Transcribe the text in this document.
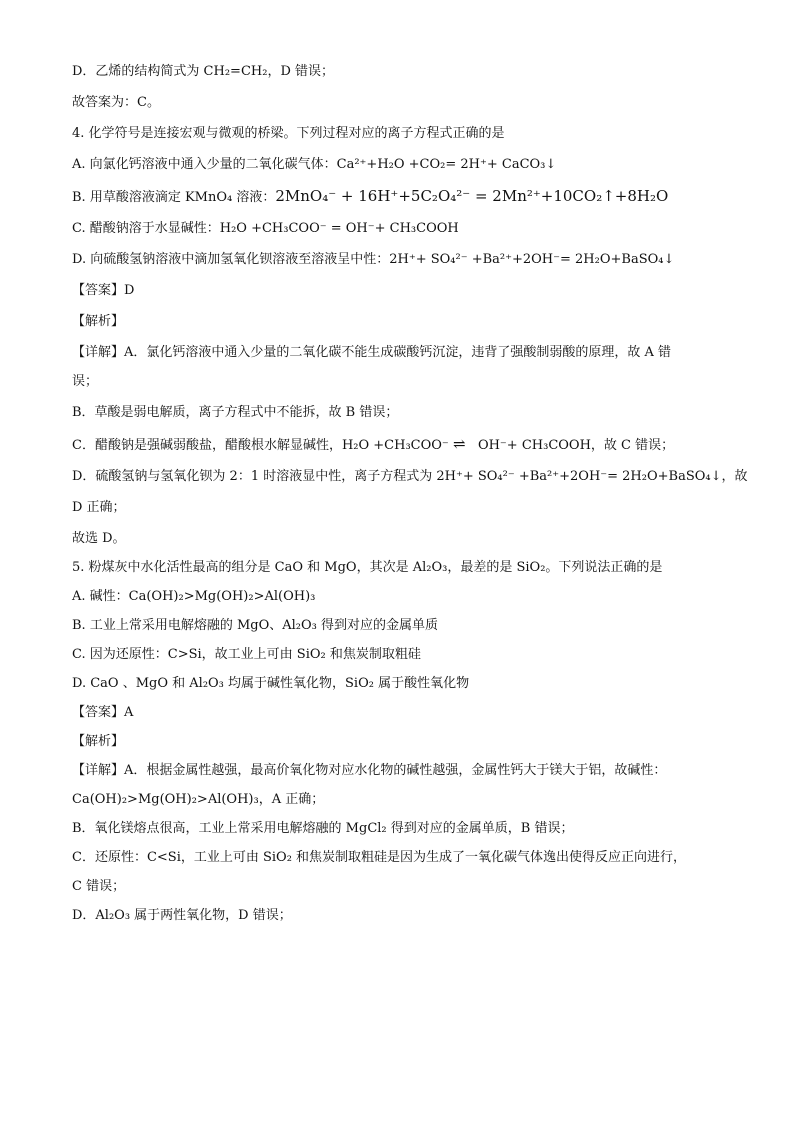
D．乙烯的结构简式为 CH₂=CH₂，D 错误；

故答案为：C。

4. 化学符号是连接宏观与微观的桥梁。下列过程对应的离子方程式正确的是

A. 向氯化钙溶液中通入少量的二氧化碳气体：Ca²⁺+H₂O +CO₂= 2H⁺+ CaCO₃↓

B. 用草酸溶液滴定 KMnO₄ 溶液：2MnO₄⁻ + 16H⁺+5C₂O₄²⁻ = 2Mn²⁺+10CO₂↑+8H₂O

C. 醋酸钠溶于水显碱性：H₂O +CH₃COO⁻ = OH⁻+ CH₃COOH

D. 向硫酸氢钠溶液中滴加氢氧化钡溶液至溶液呈中性：2H⁺+ SO₄²⁻ +Ba²⁺+2OH⁻= 2H₂O+BaSO₄↓

【答案】D

【解析】

【详解】A．氯化钙溶液中通入少量的二氧化碳不能生成碳酸钙沉淀，违背了强酸制弱酸的原理，故 A 错

误；

B．草酸是弱电解质，离子方程式中不能拆，故 B 错误；

C．醋酸钠是强碱弱酸盐，醋酸根水解显碱性，H₂O +CH₃COO⁻ ⇌ OH⁻+ CH₃COOH，故 C 错误；

D．硫酸氢钠与氢氧化钡为 2：1 时溶液显中性，离子方程式为 2H⁺+ SO₄²⁻ +Ba²⁺+2OH⁻= 2H₂O+BaSO₄↓，故

D 正确；

故选 D。

5. 粉煤灰中水化活性最高的组分是 CaO 和 MgO，其次是 Al₂O₃，最差的是 SiO₂。下列说法正确的是

A. 碱性：Ca(OH)₂>Mg(OH)₂>Al(OH)₃

B. 工业上常采用电解熔融的 MgO、Al₂O₃ 得到对应的金属单质

C. 因为还原性：C>Si，故工业上可由 SiO₂ 和焦炭制取粗硅

D. CaO 、MgO 和 Al₂O₃ 均属于碱性氧化物，SiO₂ 属于酸性氧化物

【答案】A

【解析】

【详解】A．根据金属性越强，最高价氧化物对应水化物的碱性越强，金属性钙大于镁大于铝，故碱性：

Ca(OH)₂>Mg(OH)₂>Al(OH)₃，A 正确；

B．氧化镁熔点很高，工业上常采用电解熔融的 MgCl₂ 得到对应的金属单质，B 错误；

C．还原性：C<Si，工业上可由 SiO₂ 和焦炭制取粗硅是因为生成了一氧化碳气体逸出使得反应正向进行，

C 错误；

D．Al₂O₃ 属于两性氧化物，D 错误；
